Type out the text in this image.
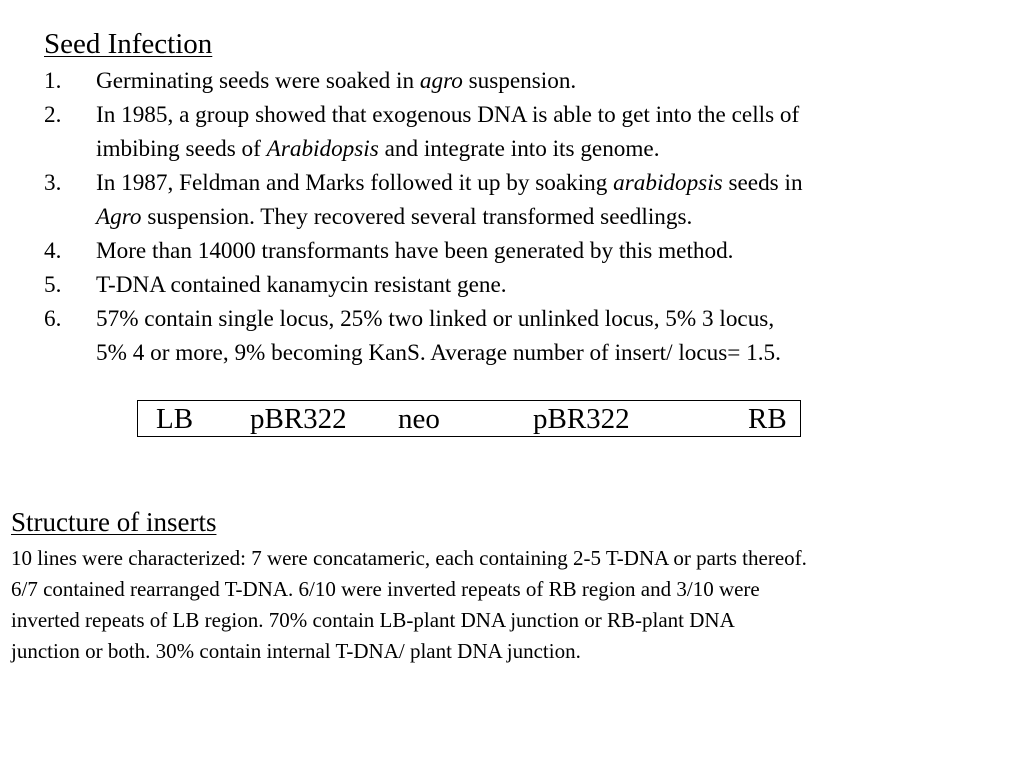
Seed Infection
1. Germinating seeds were soaked in agro suspension.
2. In 1985, a group showed that exogenous DNA is able to get into the cells of
imbibing seeds of Arabidopsis and integrate into its genome.
3. In 1987, Feldman and Marks followed it up by soaking arabidopsis seeds in
Agro suspension. They recovered several transformed seedlings.
4. More than 14000 transformants have been generated by this method.
5. T-DNA contained kanamycin resistant gene.
6. 57% contain single locus, 25% two linked or unlinked locus, 5% 3 locus,
5% 4 or more, 9% becoming KanS. Average number of insert/ locus= 1.5.
LB pBR322 neo	pBR322	RB
Structure of inserts

10 lines were characterized: 7 were concatameric, each containing 2-5 T-DNA or parts thereof.
6/7 contained rearranged T-DNA. 6/10 were inverted repeats of RB region and 3/10 were
inverted repeats of LB region. 70% contain LB-plant DNA junction or RB-plant DNA
junction or both. 30% contain internal T-DNA/ plant DNA junction.
